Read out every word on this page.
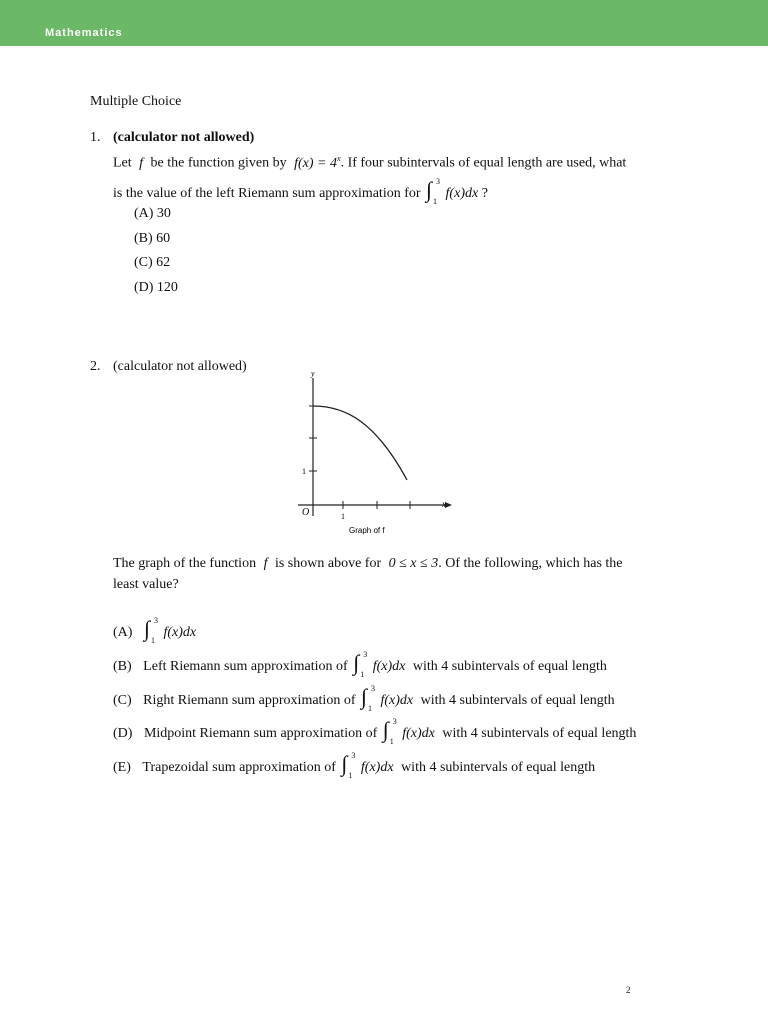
Mathematics
Multiple Choice
1. (calculator not allowed)
Let f be the function given by $f(x) = 4^x$. If four subintervals of equal length are used, what
is the value of the left Riemann sum approximation for ∫ 3
1
f(x)dx ?
(A) 30
(B) 60
(C) 62
(D) 120
2. (calculator not allowed)	y
x
O	1
1
Graph of f
The graph of the function f is shown above for 0 ≤ x ≤ 3. Of the following, which has the
least value?
(A) ∫ 3
1
f(x)dx
(B) Left Riemann sum approximation of ∫ 3
1
f(x)dx with 4 subintervals of equal length
(C) Right Riemann sum approximation of ∫ 3
1
f(x)dx with 4 subintervals of equal length
(D) Midpoint Riemann sum approximation of ∫ 3
1
f(x)dx with 4 subintervals of equal length
(E) Trapezoidal sum approximation of ∫ 3
1
f(x)dx with 4 subintervals of equal length
2
